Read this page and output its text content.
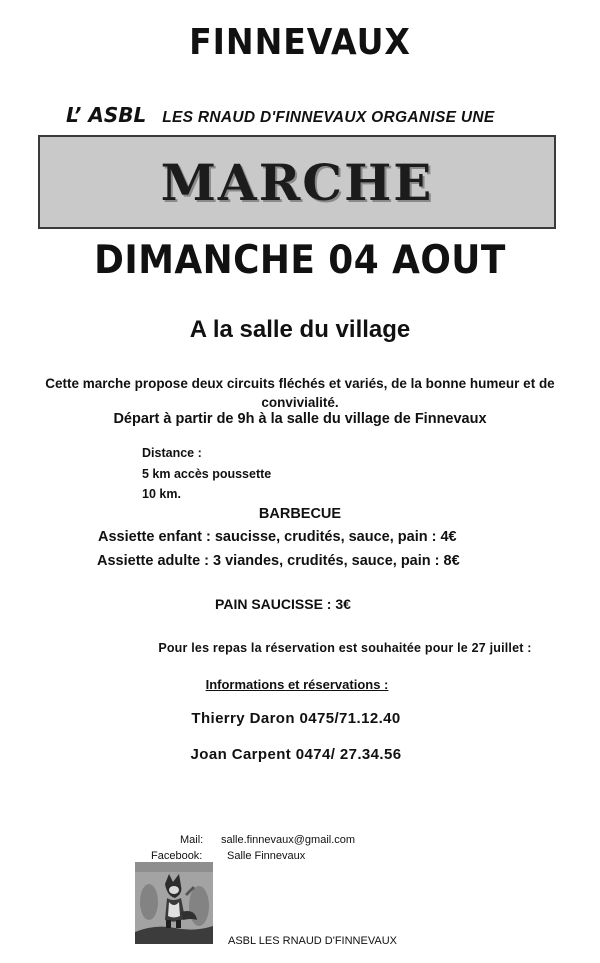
FINNEVAUX
L’ ASBL LES RNAUD D'FINNEVAUX ORGANISE UNE
MARCHE
DIMANCHE 04 AOUT
A la salle du village
Cette marche propose deux circuits fléchés et variés, de la bonne humeur et de
convivialité.
Départ à partir de 9h à la salle du village de Finnevaux
Distance :
5 km accès poussette
10 km.
BARBECUE
Assiette enfant : saucisse, crudités, sauce, pain : 4€
Assiette adulte : 3 viandes, crudités, sauce, pain : 8€
PAIN SAUCISSE : 3€
Pour les repas la réservation est souhaitée pour le 27 juillet :
Informations et réservations :
Thierry Daron 0475/71.12.40
Joan Carpent 0474/ 27.34.56
Mail: salle.finnevaux@gmail.com
Facebook: Salle Finnevaux
ASBL LES RNAUD D'FINNEVAUX
